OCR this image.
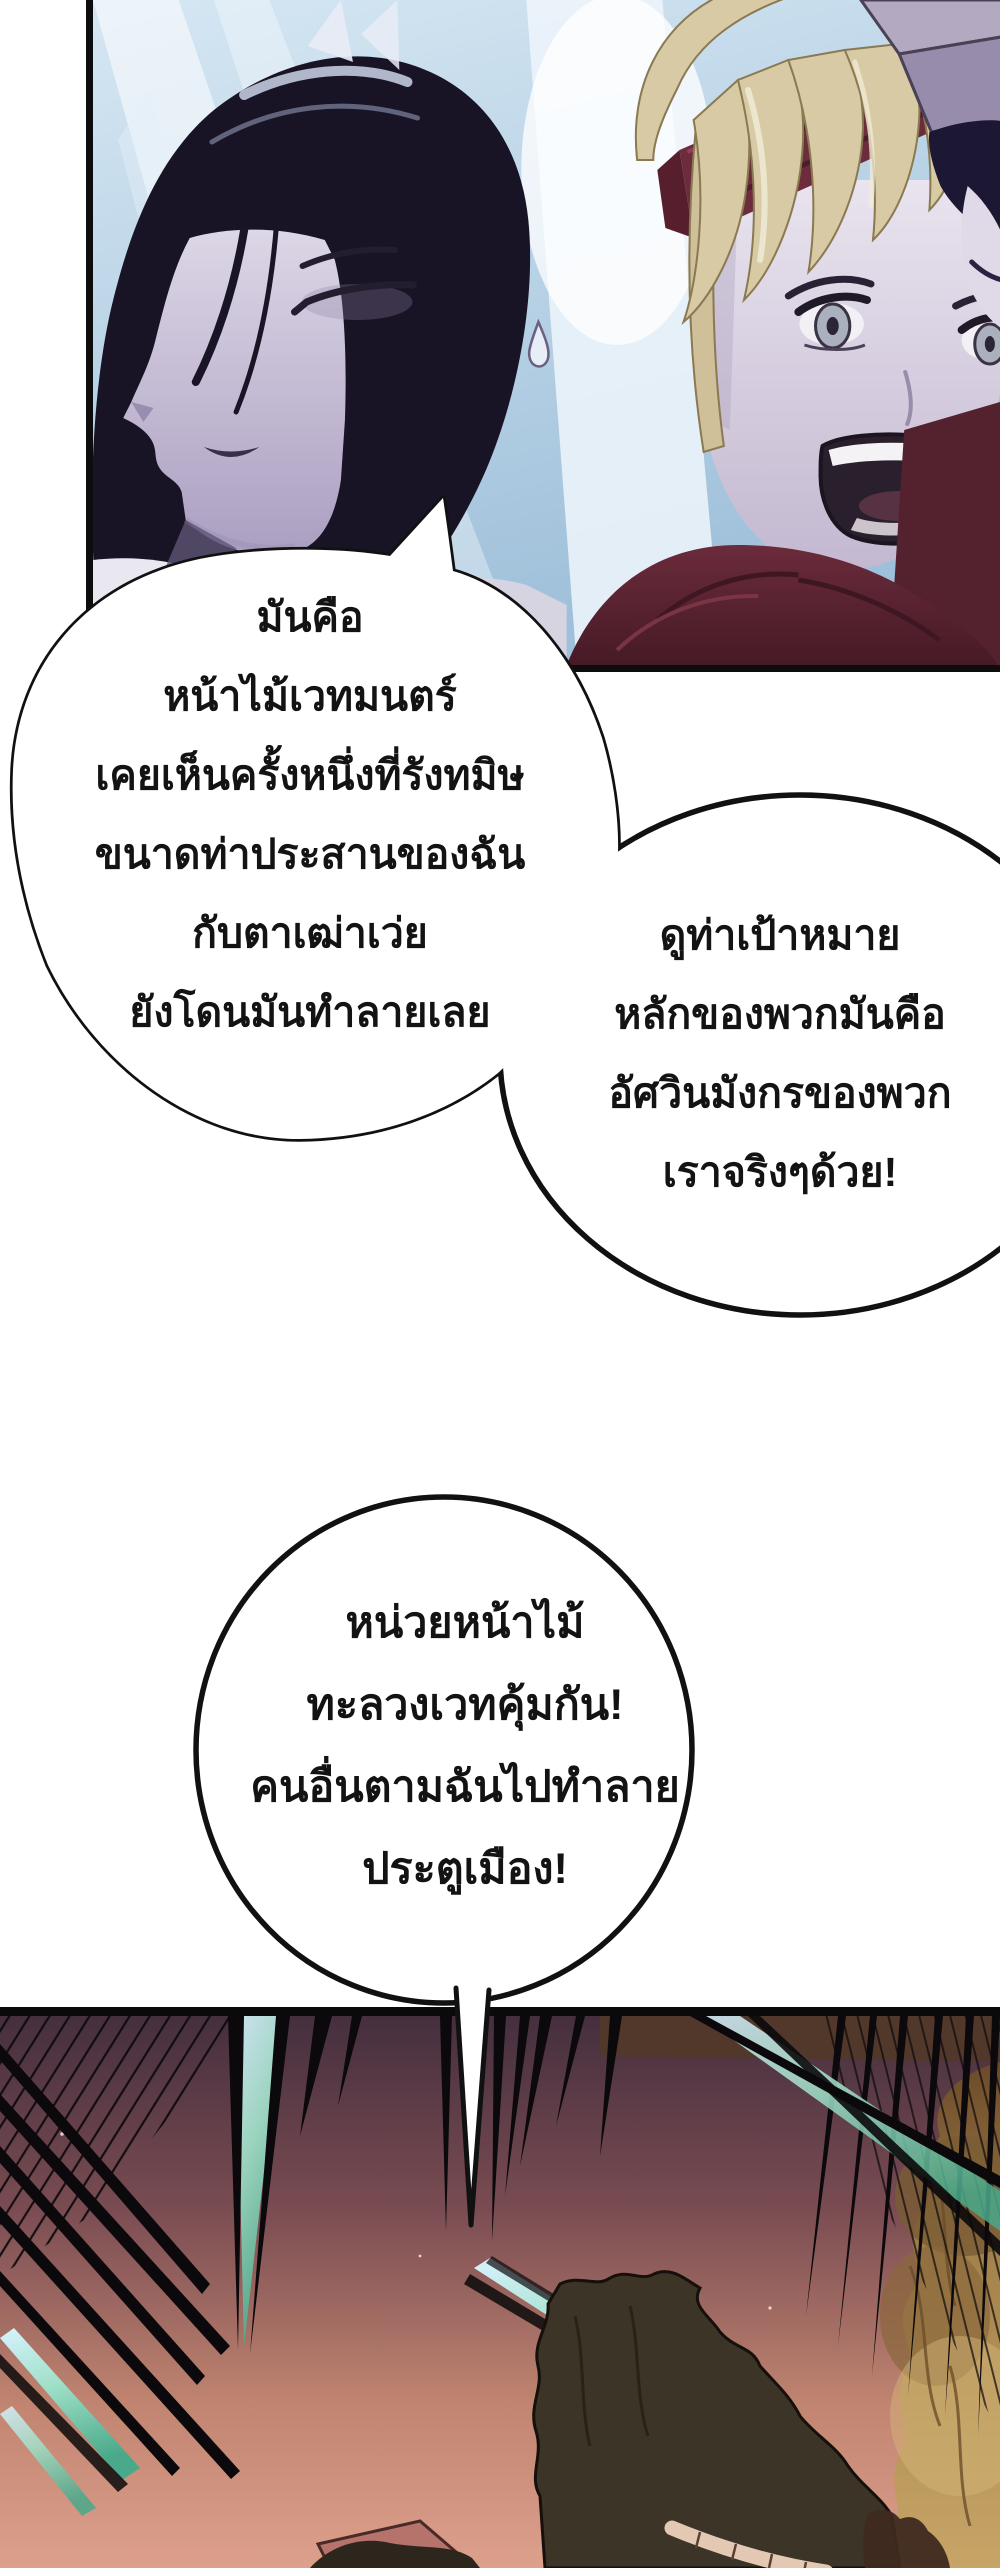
มันคือ
หน้าไม้เวทมนตร์
เคยเห็นครั้งหนึ่งที่รังทมิษ
ขนาดท่าประสานของฉัน
กับตาเฒ่าเว่ย
ยังโดนมันทำลายเลย
ดูท่าเป้าหมาย
หลักของพวกมันคือ
อัศวินมังกรของพวก
เราจริงๆด้วย!
หน่วยหน้าไม้
ทะลวงเวทคุ้มกัน!
คนอื่นตามฉันไปทำลาย
ประตูเมือง!
